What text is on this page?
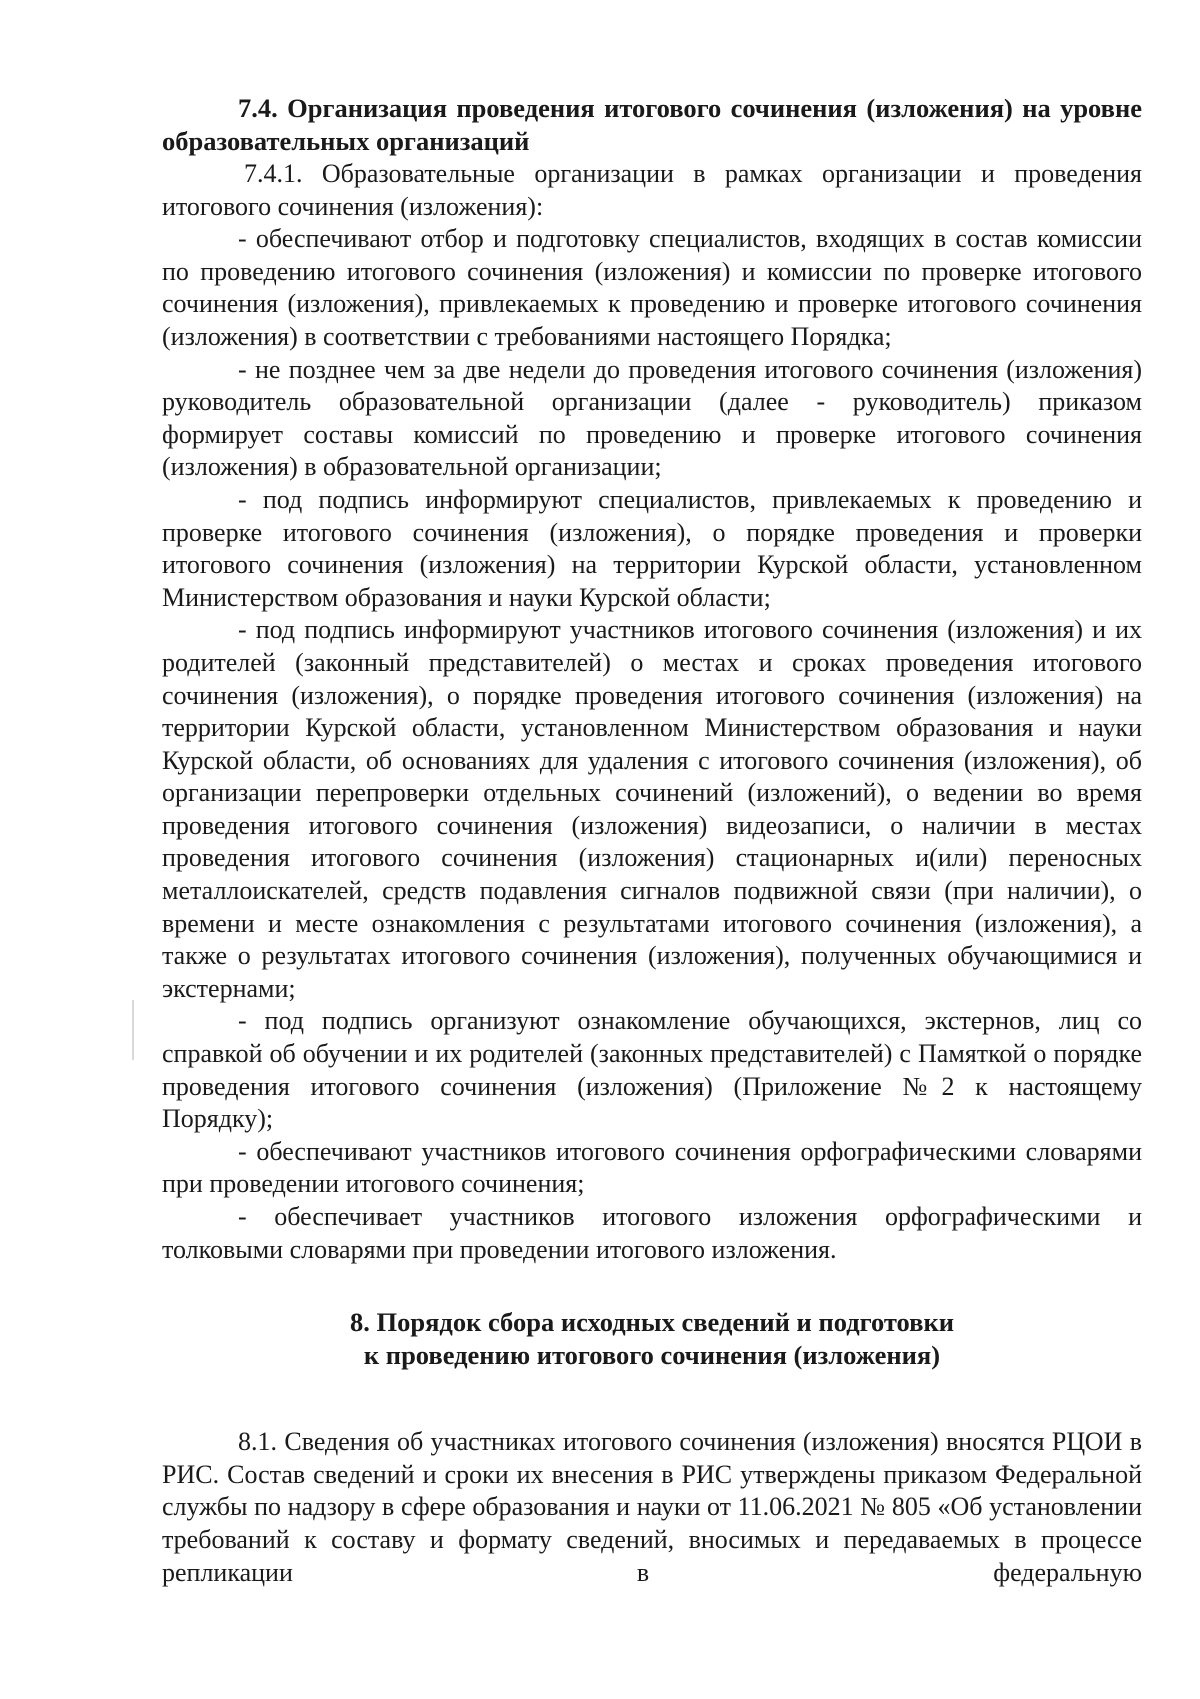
7.4. Организация проведения итогового сочинения (изложения) на уровне образовательных организаций

7.4.1. Образовательные организации в рамках организации и проведения итогового сочинения (изложения):

- обеспечивают отбор и подготовку специалистов, входящих в состав комиссии по проведению итогового сочинения (изложения) и комиссии по проверке итогового сочинения (изложения), привлекаемых к проведению и проверке итогового сочинения (изложения) в соответствии с требованиями настоящего Порядка;

- не позднее чем за две недели до проведения итогового сочинения (изложения) руководитель образовательной организации (далее - руководитель) приказом формирует составы комиссий по проведению и проверке итогового сочинения (изложения) в образовательной организации;

- под подпись информируют специалистов, привлекаемых к проведению и проверке итогового сочинения (изложения), о порядке проведения и проверки итогового сочинения (изложения) на территории Курской области, установленном Министерством образования и науки Курской области;

- под подпись информируют участников итогового сочинения (изложения) и их родителей (законный представителей) о местах и сроках проведения итогового сочинения (изложения), о порядке проведения итогового сочинения (изложения) на территории Курской области, установленном Министерством образования и науки Курской области, об основаниях для удаления с итогового сочинения (изложения), об организации перепроверки отдельных сочинений (изложений), о ведении во время проведения итогового сочинения (изложения) видеозаписи, о наличии в местах проведения итогового сочинения (изложения) стационарных и(или) переносных металлоискателей, средств подавления сигналов подвижной связи (при наличии), о времени и месте ознакомления с результатами итогового сочинения (изложения), а также о результатах итогового сочинения (изложения), полученных обучающимися и экстернами;

- под подпись организуют ознакомление обучающихся, экстернов, лиц со справкой об обучении и их родителей (законных представителей) с Памяткой о порядке проведения итогового сочинения (изложения) (Приложение №2 к настоящему Порядку);

- обеспечивают участников итогового сочинения орфографическими словарями при проведении итогового сочинения;

- обеспечивает участников итогового изложения орфографическими и толковыми словарями при проведении итогового изложения.

8. Порядок сбора исходных сведений и подготовки
к проведению итогового сочинения (изложения)

8.1. Сведения об участниках итогового сочинения (изложения) вносятся РЦОИ в РИС. Состав сведений и сроки их внесения в РИС утверждены приказом Федеральной службы по надзору в сфере образования и науки от 11.06.2021 № 805 «Об установлении требований к составу и формату сведений, вносимых и передаваемых в процессе репликации в федеральную
